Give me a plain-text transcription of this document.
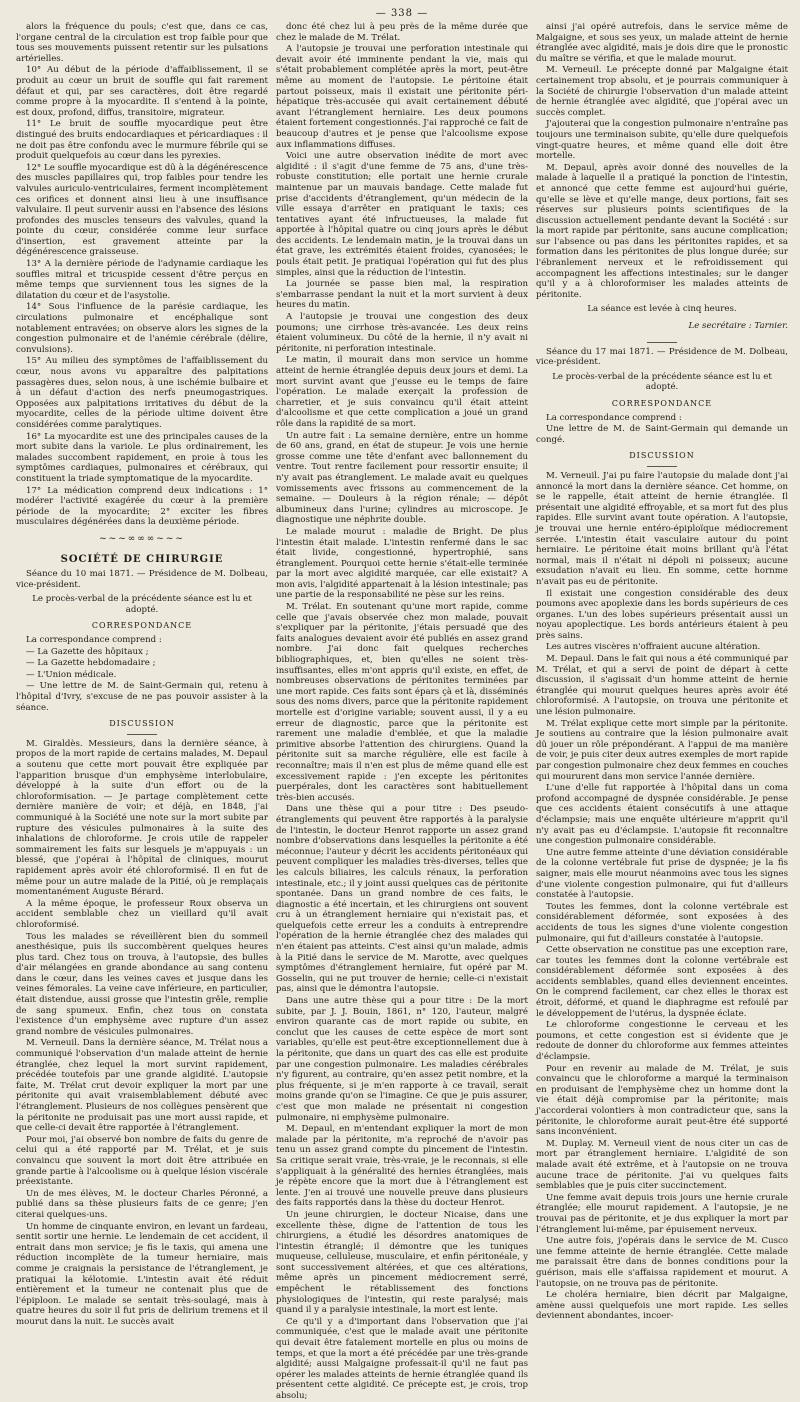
— 338 —

alors la fréquence du pouls; c'est que, dans ce cas, l'organe central de la circulation est trop faible pour que tous ses mouvements puissent retentir sur les pulsations artérielles.

10° Au début de la période d'affaiblissement, il se produit au cœur un bruit de souffle qui fait rarement défaut et qui, par ses caractères, doit être regardé comme propre à la myocardite. Il s'entend à la pointe, est doux, profond, diffus, transitoire, migrateur.

11° Le bruit de souffle myocardique peut être distingué des bruits endocardiaques et péricardiaques : il ne doit pas être confondu avec le murmure fébrile qui se produit quelquefois au cœur dans les pyrexies.

12° Le souffle myocardique est dû à la dégénérescence des muscles papillaires qui, trop faibles pour tendre les valvules auriculo-ventriculaires, ferment incomplètement ces orifices et donnent ainsi lieu à une insuffisance valvulaire. Il peut survenir aussi en l'absence des lésions profondes des muscles tenseurs des valvules, quand la pointe du cœur, considérée comme leur surface d'insertion, est gravement atteinte par la dégénérescence graisseuse.

13° A la dernière période de l'adynamie cardiaque les souffles mitral et tricuspide cessent d'être perçus en même temps que surviennent tous les signes de la dilatation du cœur et de l'asystolie.

14° Sous l'influence de la parésie cardiaque, les circulations pulmonaire et encéphalique sont notablement entravées; on observe alors les signes de la congestion pulmonaire et de l'anémie cérébrale (délire, convulsions).

15° Au milieu des symptômes de l'affaiblissement du cœur, nous avons vu apparaître des palpitations passagères dues, selon nous, à une ischémie bulbaire et à un défaut d'action des nerfs pneumogastriques. Opposées aux palpitations irritatives du début de la myocardite, celles de la période ultime doivent être considérées comme paralytiques.

16° La myocardite est une des principales causes de la mort subite dans la variole. Le plus ordinairement, les malades succombent rapidement, en proie à tous les symptômes cardiaques, pulmonaires et cérébraux, qui constituent la triade symptomatique de la myocardite.

17° La médication comprend deux indications : 1° modérer l'activité exagérée du cœur à la première période de la myocardite; 2° exciter les fibres musculaires dégénérées dans la deuxième période.

~~~∞∞∞~~~
SOCIÉTÉ DE CHIRURGIE

Séance du 10 mai 1871. — Présidence de M. Dolbeau, vice-président.

Le procès-verbal de la précédente séance est lu et adopté.
CORRESPONDANCE

La correspondance comprend :

— La Gazette des hôpitaux ;

— La Gazette hebdomadaire ;

— L'Union médicale.

— Une lettre de M. de Saint-Germain qui, retenu à l'hôpital d'Ivry, s'excuse de ne pas pouvoir assister à la séance.

DISCUSSION

M. Giraldès. Messieurs, dans la dernière séance, à propos de la mort rapide de certains malades, M. Depaul a soutenu que cette mort pouvait être expliquée par l'apparition brusque d'un emphysème interlobulaire, développé à la suite d'un effort ou de la chloroformisation. — Je partage complètement cette dernière manière de voir; et déjà, en 1848, j'ai communiqué à la Société une note sur la mort subite par rupture des vésicules pulmonaires à la suite des inhalations de chloroforme. Je crois utile de rappeler sommairement les faits sur lesquels je m'appuyais : un blessé, que j'opérai à l'hôpital de cliniques, mourut rapidement après avoir été chloroformisé. Il en fut de même pour un autre malade de la Pitié, où je remplaçais momentanément Auguste Bérard.

A la même époque, le professeur Roux observa un accident semblable chez un vieillard qu'il avait chloroformisé.

Tous les malades se réveillèrent bien du sommeil anesthésique, puis ils succombèrent quelques heures plus tard. Chez tous on trouva, à l'autopsie, des bulles d'air mélangées en grande abondance au sang contenu dans le cœur, dans les veines caves et jusque dans les veines fémorales. La veine cave inférieure, en particulier, était distendue, aussi grosse que l'intestin grêle, remplie de sang spumeux. Enfin, chez tous on constata l'existence d'un emphysème avec rupture d'un assez grand nombre de vésicules pulmonaires.

M. Verneuil. Dans la dernière séance, M. Trélat nous a communiqué l'observation d'un malade atteint de hernie étranglée, chez lequel la mort survint rapidement, précédée toutefois par une grande algidité. L'autopsie faite, M. Trélat crut devoir expliquer la mort par une péritonite qui avait vraisemblablement débuté avec l'étranglement. Plusieurs de nos collègues pensèrent que la péritonite ne produisait pas une mort aussi rapide, et que celle-ci devait être rapportée à l'étranglement.

Pour moi, j'ai observé bon nombre de faits du genre de celui qui a été rapporté par M. Trélat, et je suis convaincu que souvent la mort doit être attribuée en grande partie à l'alcoolisme ou à quelque lésion viscérale préexistante.

Un de mes élèves, M. le docteur Charles Péronné, a publié dans sa thèse plusieurs faits de ce genre; j'en citerai quelques-uns.

Un homme de cinquante environ, en levant un fardeau, sentit sortir une hernie. Le lendemain de cet accident, il entrait dans mon service; je fis le taxis, qui amena une réduction incomplète de la tumeur herniaire, mais comme je craignais la persistance de l'étranglement, je pratiquai la kélotomie. L'intestin avait été réduit entièrement et la tumeur ne contenait plus que de l'épiploon. Le malade se sentait très-soulagé, mais à quatre heures du soir il fut pris de delirium tremens et il mourut dans la nuit. Le succès avait

donc été chez lui à peu près de la même durée que chez le malade de M. Trélat.

A l'autopsie je trouvai une perforation intestinale qui devait avoir été imminente pendant la vie, mais qui s'était probablement complétée après la mort, peut-être même au moment de l'autopsie. Le péritoine était partout poisseux, mais il existait une péritonite péri-hépatique très-accusée qui avait certainement débuté avant l'étranglement herniaire. Les deux poumons étaient fortement congestionnés. J'ai rapproché ce fait de beaucoup d'autres et je pense que l'alcoolisme expose aux inflammations diffuses.

Voici une autre observation inédite de mort avec algidité : il s'agit d'une femme de 75 ans, d'une très-robuste constitution; elle portait une hernie crurale maintenue par un mauvais bandage. Cette malade fut prise d'accidents d'étranglement, qu'un médecin de la ville essaya d'arrêter en pratiquant le taxis; ces tentatives ayant été infructueuses, la malade fut apportée à l'hôpital quatre ou cinq jours après le début des accidents. Le lendemain matin, je la trouvai dans un état grave, les extrémités étaient froides, cyanosées; le pouls était petit. Je pratiquai l'opération qui fut des plus simples, ainsi que la réduction de l'intestin.

La journée se passe bien mal, la respiration s'embarrasse pendant la nuit et la mort survient à deux heures du matin.

A l'autopsie je trouvai une congestion des deux poumons; une cirrhose très-avancée. Les deux reins étaient volumineux. Du côté de la hernie, il n'y avait ni péritonite, ni perforation intestinale.

Le matin, il mourait dans mon service un homme atteint de hernie étranglée depuis deux jours et demi. La mort survint avant que j'eusse eu le temps de faire l'opération. Le malade exerçait la profession de charretier, et je suis convaincu qu'il était atteint d'alcoolisme et que cette complication a joué un grand rôle dans la rapidité de sa mort.

Un autre fait : La semaine dernière, entre un homme de 60 ans, grand, en état de stupeur. Je vois une hernie grosse comme une tête d'enfant avec ballonnement du ventre. Tout rentre facilement pour ressortir ensuite; il n'y avait pas étranglement. Le malade avait eu quelques vomissements avec frissons au commencement de la semaine. — Douleurs à la région rénale; — dépôt albumineux dans l'urine; cylindres au microscope. Je diagnostique une néphrite double.

Le malade mourut : maladie de Bright. De plus l'intestin était malade. L'intestin renfermé dans le sac était livide, congestionné, hypertrophié, sans étranglement. Pourquoi cette hernie s'était-elle terminée par la mort avec algidité marquée, car elle existait? A mon avis, l'algidité appartenait à la lésion intestinale; pas une partie de la responsabilité ne pèse sur les reins.

M. Trélat. En soutenant qu'une mort rapide, comme celle que j'avais observée chez mon malade, pouvait s'expliquer par la péritonite, j'étais persuadé que des faits analogues devaient avoir été publiés en assez grand nombre. J'ai donc fait quelques recherches bibliographiques, et, bien qu'elles ne soient très-insuffisantes, elles m'ont appris qu'il existe, en effet, de nombreuses observations de péritonites terminées par une mort rapide. Ces faits sont épars çà et là, disséminés sous des noms divers, parce que la péritonite rapidement mortelle est d'origine variable; souvent aussi, il y a eu erreur de diagnostic, parce que la péritonite est rarement une maladie d'emblée, et que la maladie primitive absorbe l'attention des chirurgiens. Quand la péritonite suit sa marche régulière, elle est facile à reconnaître; mais il n'en est plus de même quand elle est excessivement rapide : j'en excepte les péritonites puerpérales, dont les caractères sont habituellement très-bien accusés.

Dans une thèse qui a pour titre : Des pseudo-étranglements qui peuvent être rapportés à la paralysie de l'intestin, le docteur Henrot rapporte un assez grand nombre d'observations dans lesquelles la péritonite a été méconnue; l'auteur y décrit les accidents péritonéaux qui peuvent compliquer les maladies très-diverses, telles que les calculs biliaires, les calculs rénaux, la perforation intestinale, etc.; il y joint aussi quelques cas de péritonite spontanée. Dans un grand nombre de ces faits, le diagnostic a été incertain, et les chirurgiens ont souvent cru à un étranglement herniaire qui n'existait pas, et quelquefois cette erreur les a conduits à entreprendre l'opération de la hernie étranglée chez des malades qui n'en étaient pas atteints. C'est ainsi qu'un malade, admis à la Pitié dans le service de M. Marotte, avec quelques symptômes d'étranglement herniaire, fut opéré par M. Gosselin, qui ne put trouver de hernie; celle-ci n'existait pas, ainsi que le démontra l'autopsie.

Dans une autre thèse qui a pour titre : De la mort subite, par J. J. Bouin, 1861, n° 120, l'auteur, malgré environ quarante cas de mort rapide ou subite, en conclut que les causes de cette espèce de mort sont variables, qu'elle est peut-être exceptionnellement due à la péritonite, que dans un quart des cas elle est produite par une congestion pulmonaire. Les maladies cérébrales n'y figurent, au contraire, qu'en assez petit nombre, et la plus fréquente, si je m'en rapporte à ce travail, serait moins grande qu'on se l'imagine. Ce que je puis assurer, c'est que mon malade ne présentait ni congestion pulmonaire, ni emphysème pulmonaire.

M. Depaul, en m'entendant expliquer la mort de mon malade par la péritonite, m'a reproché de n'avoir pas tenu un assez grand compte du pincement de l'intestin. Sa critique serait vraie, très-vraie, je le reconnais, si elle s'appliquait à la généralité des hernies étranglées, mais je répète encore que la mort due à l'étranglement est lente. J'en ai trouvé une nouvelle preuve dans plusieurs des faits rapportés dans la thèse du docteur Henrot.

Un jeune chirurgien, le docteur Nicaise, dans une excellente thèse, digne de l'attention de tous les chirurgiens, a étudié les désordres anatomiques de l'intestin étranglé; il démontre que les tuniques muqueuse, celluleuse, musculaire, et enfin péritonéale, y sont successivement altérées, et que ces altérations, même après un pincement médiocrement serré, empêchent le rétablissement des fonctions physiologiques de l'intestin, qui reste paralysé; mais quand il y a paralysie intestinale, la mort est lente.

Ce qu'il y a d'important dans l'observation que j'ai communiquée, c'est que le malade avait une péritonite qui devait être fatalement mortelle en plus ou moins de temps, et que la mort a été précédée par une très-grande algidité; aussi Malgaigne professait-il qu'il ne faut pas opérer les malades atteints de hernie étranglée quand ils présentent cette algidité. Ce précepte est, je crois, trop absolu;

ainsi j'ai opéré autrefois, dans le service même de Malgaigne, et sous ses yeux, un malade atteint de hernie étranglée avec algidité, mais je dois dire que le pronostic du maître se vérifia, et que le malade mourut.

M. Verneuil. Le précepte donné par Malgaigne était certainement trop absolu, et je pourrais communiquer à la Société de chirurgie l'observation d'un malade atteint de hernie étranglée avec algidité, que j'opérai avec un succès complet.

J'ajouterai que la congestion pulmonaire n'entraîne pas toujours une terminaison subite, qu'elle dure quelquefois vingt-quatre heures, et même quand elle doit être mortelle.

M. Depaul, après avoir donné des nouvelles de la malade à laquelle il a pratiqué la ponction de l'intestin, et annoncé que cette femme est aujourd'hui guérie, qu'elle se lève et qu'elle mange, deux portions, fait ses réserves sur plusieurs points scientifiques de la discussion actuellement pendante devant la Société : sur la mort rapide par péritonite, sans aucune complication; sur l'absence ou pas dans les péritonites rapides, et sa formation dans les péritonites de plus longue durée; sur l'ébranlement nerveux et le refroidissement qui accompagnent les affections intestinales; sur le danger qu'il y a à chloroformiser les malades atteints de péritonite.

La séance est levée à cinq heures.
Le secrétaire : Tarnier.

Séance du 17 mai 1871. — Présidence de M. Dolbeau, vice-président.

Le procès-verbal de la précédente séance est lu et adopté.
CORRESPONDANCE

La correspondance comprend :

Une lettre de M. de Saint-Germain qui demande un congé.

DISCUSSION

M. Verneuil. J'ai pu faire l'autopsie du malade dont j'ai annoncé la mort dans la dernière séance. Cet homme, on se le rappelle, était atteint de hernie étranglée. Il présentait une algidité effroyable, et sa mort fut des plus rapides. Elle survint avant toute opération. A l'autopsie, je trouvai une hernie entéro-épiploïque médiocrement serrée. L'intestin était vasculaire autour du point herniaire. Le péritoine était moins brillant qu'à l'état normal, mais il n'était ni dépoli ni poisseux; aucune exsudation n'avait eu lieu. En somme, cette hornme n'avait pas eu de péritonite.

Il existait une congestion considérable des deux poumons avec apoplexie dans les bords supérieurs de ces organes. L'un des lobes supérieurs présentait aussi un noyau apoplectique. Les bords antérieurs étaient à peu près sains.

Les autres viscères n'offraient aucune altération.

M. Depaul. Dans le fait qui nous a été communiqué par M. Trélat, et qui a servi de point de départ à cette discussion, il s'agissait d'un homme atteint de hernie étranglée qui mourut quelques heures après avoir été chloroformisé. A l'autopsie, on trouva une péritonite et une lésion pulmonaire.

M. Trélat explique cette mort simple par la péritonite. Je soutiens au contraire que la lésion pulmonaire avait dû jouer un rôle prépondérant. A l'appui de ma manière de voir, je puis citer deux autres exemples de mort rapide par congestion pulmonaire chez deux femmes en couches qui moururent dans mon service l'année dernière.

L'une d'elle fut rapportée à l'hôpital dans un coma profond accompagné de dyspnée considérable. Je pense que ces accidents étaient consécutifs à une attaque d'éclampsie; mais une enquête ultérieure m'apprit qu'il n'y avait pas eu d'éclampsie. L'autopsie fit reconnaître une congestion pulmonaire considérable.

Une autre femme atteinte d'une déviation considérable de la colonne vertébrale fut prise de dyspnée; je la fis saigner, mais elle mourut néanmoins avec tous les signes d'une violente congestion pulmonaire, qui fut d'ailleurs constatée à l'autopsie.

Toutes les femmes, dont la colonne vertébrale est considérablement déformée, sont exposées à des accidents de tous les signes d'une violente congestion pulmonaire, qui fut d'ailleurs constatée à l'autopsie.

Cette observation ne constitue pas une exception rare, car toutes les femmes dont la colonne vertébrale est considérablement déformée sont exposées à des accidents semblables, quand elles deviennent enceintes. On le comprend facilement, car chez elles le thorax est étroit, déformé, et quand le diaphragme est refoulé par le développement de l'utérus, la dyspnée éclate.

Le chloroforme congestionne le cerveau et les poumons, et cette congestion est si évidente que je redoute de donner du chloroforme aux femmes atteintes d'éclampsie.

Pour en revenir au malade de M. Trélat, je suis convaincu que le chloroforme a marqué la terminaison en produisant de l'emphysème chez un homme dont la vie était déjà compromise par la péritonite; mais j'accorderai volontiers à mon contradicteur que, sans la péritonite, le chloroforme aurait peut-être été supporté sans inconvénient.

M. Duplay. M. Verneuil vient de nous citer un cas de mort par étranglement herniaire. L'algidité de son malade avait été extrême, et à l'autopsie on ne trouva aucune trace de péritonite. J'ai vu quelques faits semblables que je puis citer succinctement.

Une femme avait depuis trois jours une hernie crurale étranglée; elle mourut rapidement. A l'autopsie, je ne trouvai pas de péritonite, et je dus expliquer la mort par l'étranglement lui-même, par épuisement nerveux.

Une autre fois, j'opérais dans le service de M. Cusco une femme atteinte de hernie étranglée. Cette malade me paraissait être dans de bonnes conditions pour la guérison, mais elle s'affaissa rapidement et mourut. A l'autopsie, on ne trouva pas de péritonite.

Le choléra herniaire, bien décrit par Malgaigne, amène aussi quelquefois une mort rapide. Les selles deviennent abondantes, incoer-
